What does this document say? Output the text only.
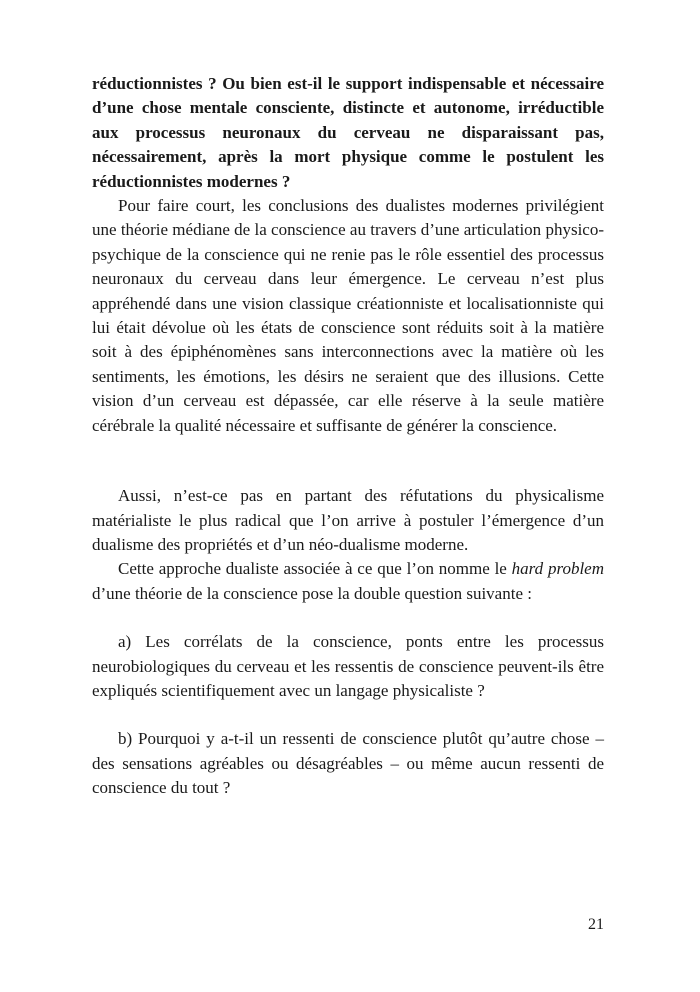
réductionnistes ? Ou bien est-il le support indispensable et nécessaire d’une chose mentale consciente, distincte et autonome, irréductible aux processus neuronaux du cerveau ne disparaissant pas, nécessairement, après la mort physique comme le postulent les réductionnistes modernes ?

Pour faire court, les conclusions des dualistes modernes privilégient une théorie médiane de la conscience au travers d’une articulation physico-psychique de la conscience qui ne renie pas le rôle essentiel des processus neuronaux du cerveau dans leur émergence. Le cerveau n’est plus appréhendé dans une vision classique créationniste et localisationniste qui lui était dévolue où les états de conscience sont réduits soit à la matière soit à des épiphénomènes sans interconnections avec la matière où les sentiments, les émotions, les désirs ne seraient que des illusions. Cette vision d’un cerveau est dépassée, car elle réserve à la seule matière cérébrale la qualité nécessaire et suffisante de générer la conscience.

Aussi, n’est-ce pas en partant des réfutations du physicalisme matérialiste le plus radical que l’on arrive à postuler l’émergence d’un dualisme des propriétés et d’un néo-dualisme moderne.

Cette approche dualiste associée à ce que l’on nomme le hard problem d’une théorie de la conscience pose la double question suivante :

a) Les corrélats de la conscience, ponts entre les processus neurobiologiques du cerveau et les ressentis de conscience peuvent-ils être expliqués scientifiquement avec un langage physicaliste ?

b) Pourquoi y a-t-il un ressenti de conscience plutôt qu’autre chose – des sensations agréables ou désagréables – ou même aucun ressenti de conscience du tout ?

21
